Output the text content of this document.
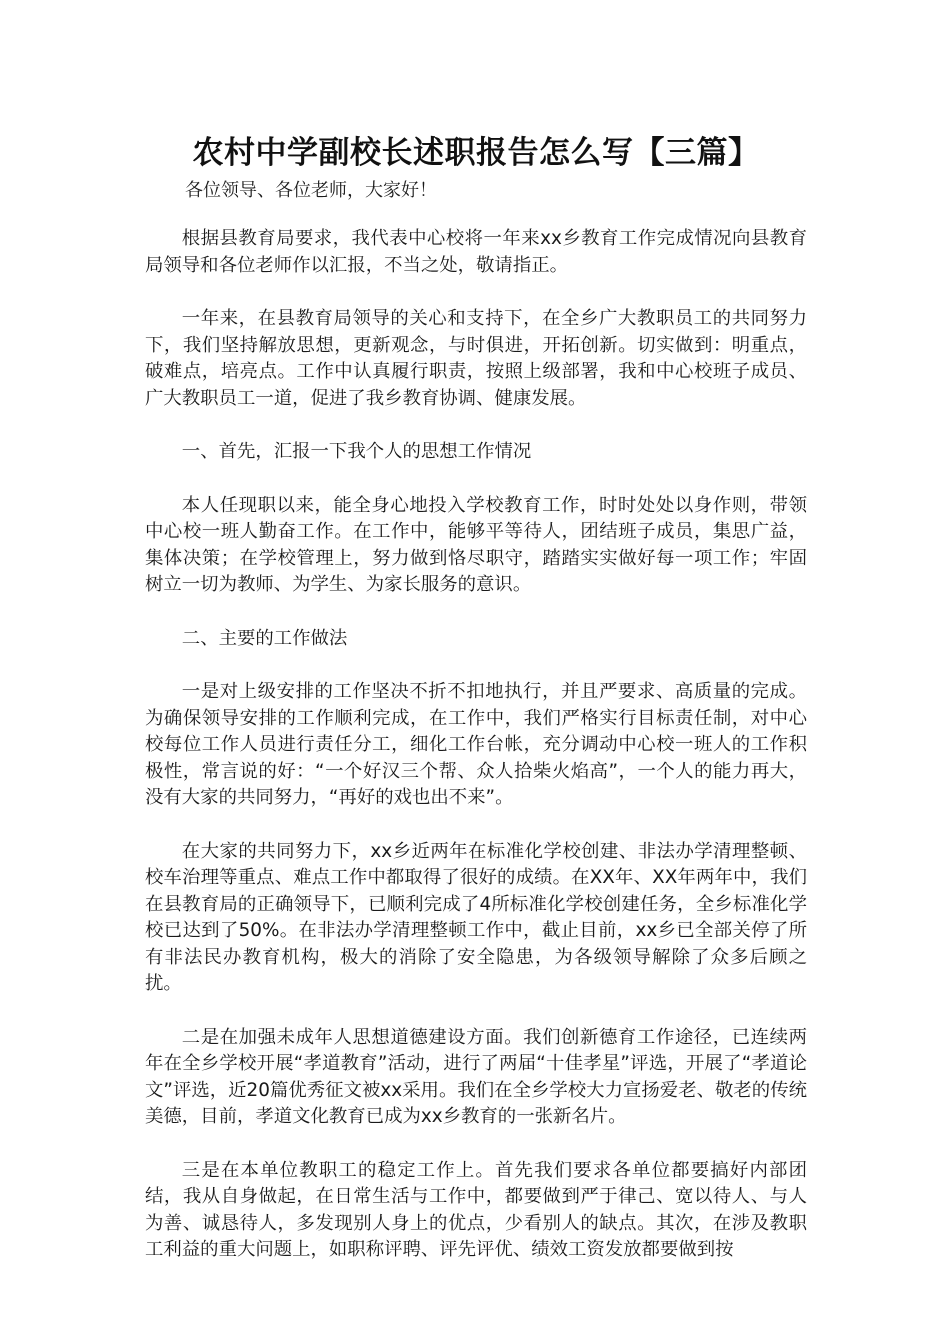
农村中学副校长述职报告怎么写【三篇】

各位领导、各位老师，大家好！

根据县教育局要求，我代表中心校将一年来xx乡教育工作完成情况向县教育局领导和各位老师作以汇报，不当之处，敬请指正。

一年来，在县教育局领导的关心和支持下，在全乡广大教职员工的共同努力下，我们坚持解放思想，更新观念，与时俱进，开拓创新。切实做到：明重点，破难点，培亮点。工作中认真履行职责，按照上级部署，我和中心校班子成员、广大教职员工一道，促进了我乡教育协调、健康发展。

一、首先，汇报一下我个人的思想工作情况

本人任现职以来，能全身心地投入学校教育工作，时时处处以身作则，带领中心校一班人勤奋工作。在工作中，能够平等待人，团结班子成员，集思广益，集体决策；在学校管理上，努力做到恪尽职守，踏踏实实做好每一项工作；牢固树立一切为教师、为学生、为家长服务的意识。

二、主要的工作做法

一是对上级安排的工作坚决不折不扣地执行，并且严要求、高质量的完成。为确保领导安排的工作顺利完成，在工作中，我们严格实行目标责任制，对中心校每位工作人员进行责任分工，细化工作台帐，充分调动中心校一班人的工作积极性，常言说的好：“一个好汉三个帮、众人拾柴火焰高”，一个人的能力再大，没有大家的共同努力，“再好的戏也出不来”。

在大家的共同努力下，xx乡近两年在标准化学校创建、非法办学清理整顿、校车治理等重点、难点工作中都取得了很好的成绩。在XX年、XX年两年中，我们在县教育局的正确领导下，已顺利完成了4所标准化学校创建任务，全乡标准化学校已达到了50%。在非法办学清理整顿工作中，截止目前，xx乡已全部关停了所有非法民办教育机构，极大的消除了安全隐患，为各级领导解除了众多后顾之扰。

二是在加强未成年人思想道德建设方面。我们创新德育工作途径，已连续两年在全乡学校开展“孝道教育”活动，进行了两届“十佳孝星”评选，开展了“孝道论文”评选，近20篇优秀征文被xx采用。我们在全乡学校大力宣扬爱老、敬老的传统美德，目前，孝道文化教育已成为xx乡教育的一张新名片。

三是在本单位教职工的稳定工作上。首先我们要求各单位都要搞好内部团结，我从自身做起，在日常生活与工作中，都要做到严于律己、宽以待人、与人为善、诚恳待人，多发现别人身上的优点，少看别人的缺点。其次，在涉及教职工利益的重大问题上，如职称评聘、评先评优、绩效工资发放都要做到按
